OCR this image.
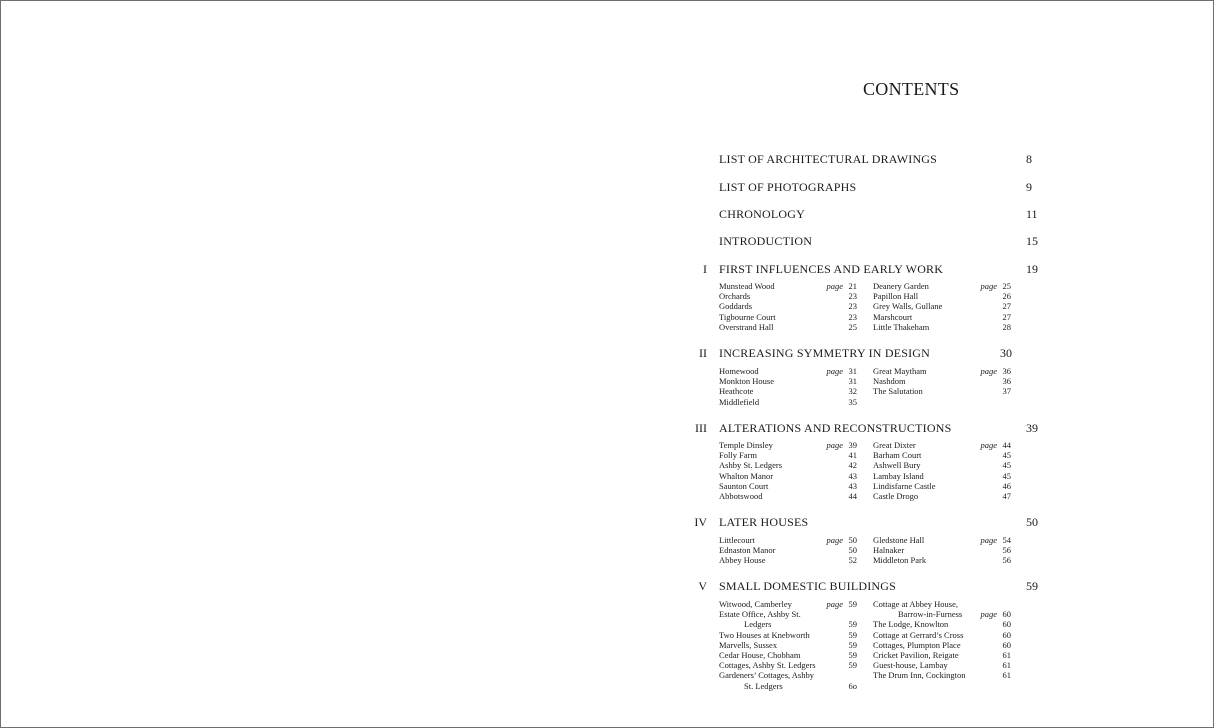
CONTENTS
LIST OF ARCHITECTURAL DRAWINGS	8
LIST OF PHOTOGRAPHS	9
CHRONOLOGY	11
INTRODUCTION	15
I FIRST INFLUENCES AND EARLY WORK	19
Munstead Wood	page 21
Orchards	23
Goddards	23
Tigbourne Court	23
Overstrand Hall	25
Deanery Garden	page 25
Papillon Hall	26
Grey Walls, Gullane	27
Marshcourt	27
Little Thakeham	28
II INCREASING SYMMETRY IN DESIGN	30
Homewood	page 31
Monkton House	31
Heathcote	32
Middlefield	35
Great Maytham	page 36
Nashdom	36
The Salutation	37
III ALTERATIONS AND RECONSTRUCTIONS	39
Temple Dinsley	page 39
Folly Farm	41
Ashby St. Ledgers	42
Whalton Manor	43
Saunton Court	43
Abbotswood	44
Great Dixter	page 44
Barham Court	45
Ashwell Bury	45
Lambay Island	45
Lindisfarne Castle	46
Castle Drogo	47
IV LATER HOUSES	50
Littlecourt	page 50
Ednaston Manor	50
Abbey House	52
Gledstone Hall	page 54
Halnaker	56
Middleton Park	56
V SMALL DOMESTIC BUILDINGS	59
Witwood, Camberley	page 59
Estate Office, Ashby St.
Ledgers	59
Two Houses at Knebworth	59
Marvells, Sussex	59
Cedar House, Chobham	59
Cottages, Ashby St. Ledgers	59
Gardeners’ Cottages, Ashby
St. Ledgers	6o
Cottage at Abbey House,
Barrow-in-Furness page 60
The Lodge, Knowlton	60
Cottage at Gerrard’s Cross	60
Cottages, Plumpton Place	60
Cricket Pavilion, Reigate	61
Guest-house, Lambay	61
The Drum Inn, Cockington	61
